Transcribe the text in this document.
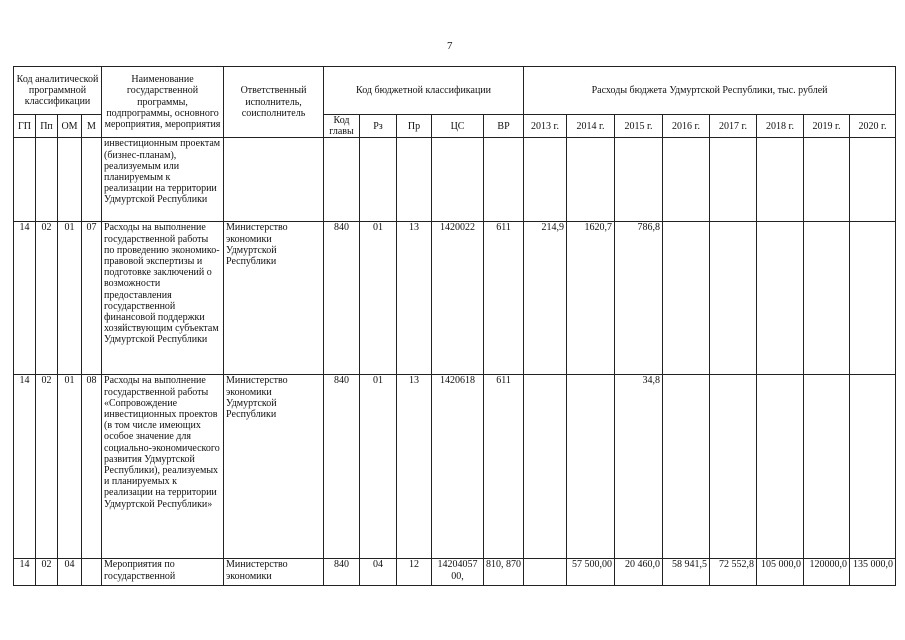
7
Код аналитической программной классификации				Наименование государственной программы, подпрограммы, основного мероприятия, мероприятия	Ответственный исполнитель, соисполнитель	Код бюджетной классификации					Расходы бюджета Удмуртской Республики, тыс. рублей							
ГП	Пп	ОМ	М			Код главы	Рз	Пр	ЦС	ВР	2013 г.	2014 г.	2015 г.	2016 г.	2017 г.	2018 г.	2019 г.	2020 г.
				инвестиционным проектам (бизнес-планам), реализуемым или планируемым к реализации на территории Удмуртской Республики														
14	02	01	07	Расходы на выполнение государственной работы по проведению экономико-правовой экспертизы и подготовке заключений о возможности предоставления государственной финансовой поддержки хозяйствующим субъектам Удмуртской Республики	Министерство экономики Удмуртской Республики	840	01	13	1420022	611	214,9	1620,7	786,8					
14	02	01	08	Расходы на выполнение государственной работы «Сопровождение инвестиционных проектов (в том числе имеющих особое значение для социально-экономического развития Удмуртской Республики), реализуемых и планируемых к реализации на территории Удмуртской Республики»	Министерство экономики Удмуртской Республики	840	01	13	1420618	611			34,8					
14	02	04		Мероприятия по государственной	Министерство экономики	840	04	12	14204057 00,	810, 870		57 500,00	20 460,0	58 941,5	72 552,8	105 000,0	120000,0	135 000,0
